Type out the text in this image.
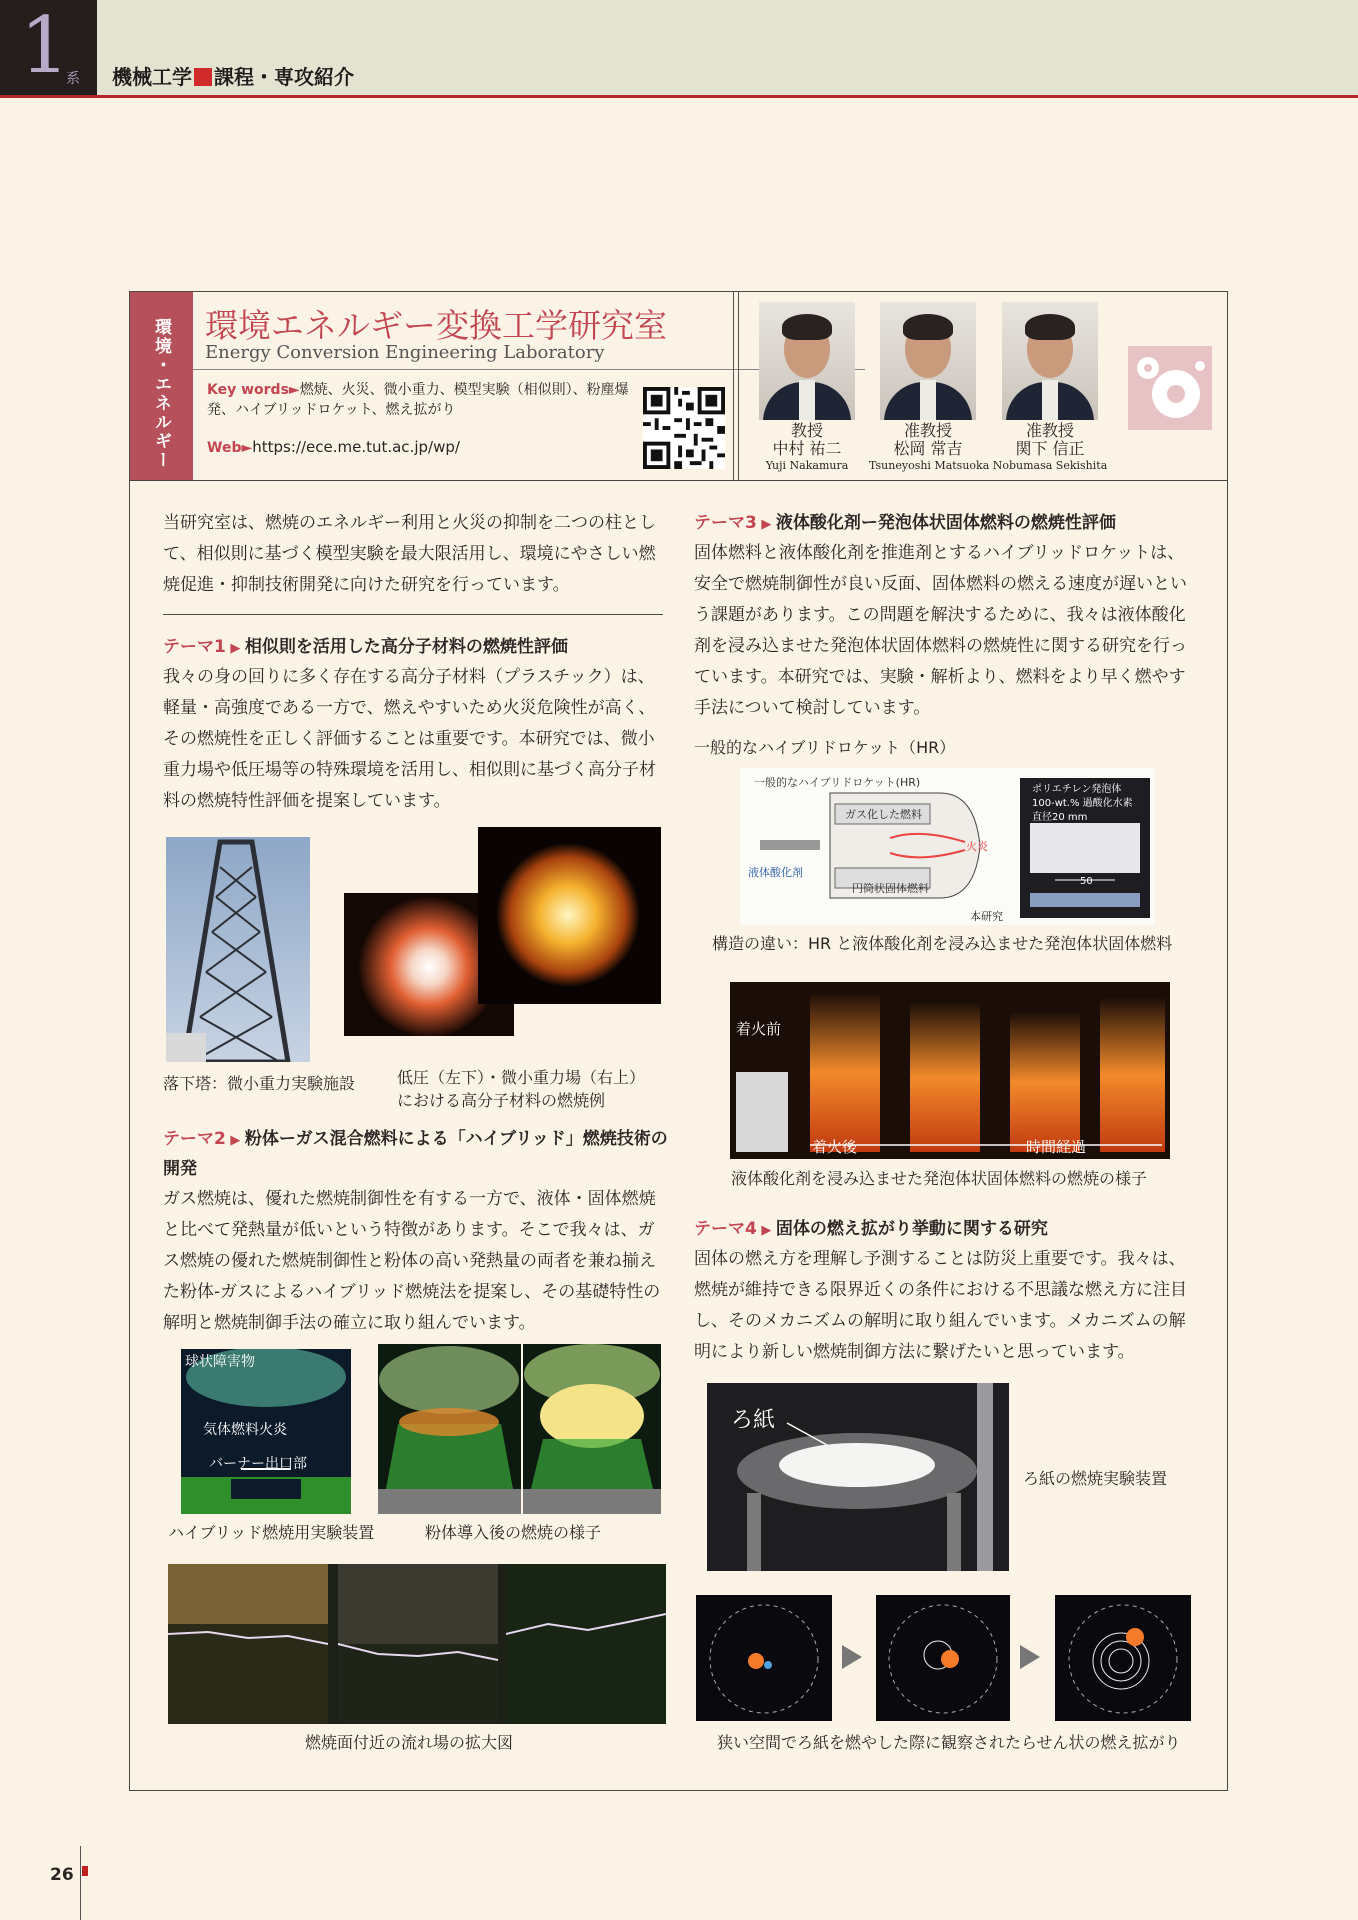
1
系 機械工学 課程・専攻紹介
環境・エネルギー 環境エネルギー変換工学研究室
Energy Conversion Engineering Laboratory
Key words►燃焼、火災、微小重力、模型実験（相似則）、粉塵爆発、ハイブリッドロケット、燃え拡がり
Web►https://ece.me.tut.ac.jp/wp/
教授
中村 祐二
Yuji Nakamura
准教授
松岡 常吉
Tsuneyoshi Matsuoka
准教授
関下 信正
Nobumasa Sekishita
当研究室は、燃焼のエネルギー利用と火災の抑制を二つの柱として、相似則に基づく模型実験を最大限活用し、環境にやさしい燃焼促進・抑制技術開発に向けた研究を行っています。
テーマ1 ▶ 相似則を活用した高分子材料の燃焼性評価
我々の身の回りに多く存在する高分子材料（プラスチック）は、軽量・高強度である一方で、燃えやすいため火災危険性が高く、その燃焼性を正しく評価することは重要です。本研究では、微小重力場や低圧場等の特殊環境を活用し、相似則に基づく高分子材料の燃焼特性評価を提案しています。
落下塔：微小重力実験施設	低圧（左下）・微小重力場（右上）
における高分子材料の燃焼例
テーマ2 ▶ 粉体ーガス混合燃料による「ハイブリッド」燃焼技術の
開発
ガス燃焼は、優れた燃焼制御性を有する一方で、液体・固体燃焼と比べて発熱量が低いという特徴があります。そこで我々は、ガス燃焼の優れた燃焼制御性と粉体の高い発熱量の両者を兼ね揃えた粉体-ガスによるハイブリッド燃焼法を提案し、その基礎特性の解明と燃焼制御手法の確立に取り組んでいます。
球状障害物
気体燃料火炎
バーナー出口部
ハイブリッド燃焼用実験装置	粉体導入後の燃焼の様子
燃焼面付近の流れ場の拡大図
テーマ3 ▶ 液体酸化剤ー発泡体状固体燃料の燃焼性評価
固体燃料と液体酸化剤を推進剤とするハイブリッドロケットは、安全で燃焼制御性が良い反面、固体燃料の燃える速度が遅いという課題があります。この問題を解決するために、我々は液体酸化剤を浸み込ませた発泡体状固体燃料の燃焼性に関する研究を行っています。本研究では、実験・解析より、燃料をより早く燃やす手法について検討しています。
一般的なハイブリドロケット（HR）
一般的なハイブリドロケット(HR)
ガス化した燃料
液体酸化剤
円筒状固体燃料
火炎
本研究
ポリエチレン発泡体
100-wt.% 過酸化水素
直径20 mm
50
構造の違い：HR と液体酸化剤を浸み込ませた発泡体状固体燃料
着火前
着火後	時間経過
液体酸化剤を浸み込ませた発泡体状固体燃料の燃焼の様子
テーマ4 ▶ 固体の燃え拡がり挙動に関する研究
固体の燃え方を理解し予測することは防災上重要です。我々は、燃焼が維持できる限界近くの条件における不思議な燃え方に注目し、そのメカニズムの解明に取り組んでいます。メカニズムの解明により新しい燃焼制御方法に繋げたいと思っています。
ろ紙
ろ紙の燃焼実験装置
狭い空間でろ紙を燃やした際に観察されたらせん状の燃え拡がり
26
